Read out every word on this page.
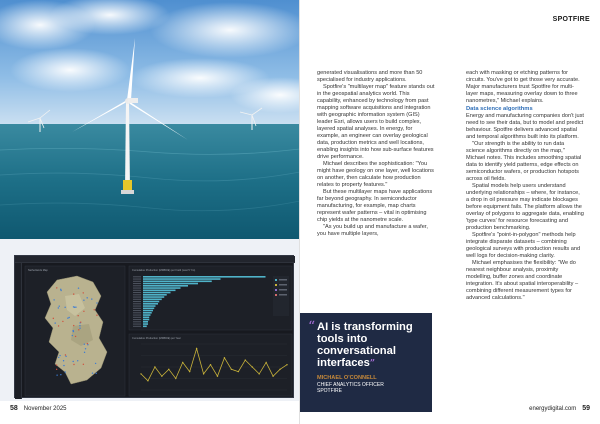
Netherlands Map	Cumulative Production (MMBOE) per Field (Last 5 Yrs)
Cumulative Production (MMBOE) per Year
58 November 2025
SPOTFIRE

generated visualisations and more than 50 specialised for industry applications.

Spotfire's "multilayer map" feature stands out in the geospatial analytics world. This capability, enhanced by technology from past mapping software acquisitions and integration with geographic information system (GIS) leader Esri, allows users to build complex, layered spatial analyses. In energy, for example, an engineer can overlay geological data, production metrics and well locations, enabling insights into how sub-surface features drive performance.

Michael describes the sophistication: "You might have geology on one layer, well locations on another, then calculate how production relates to property features."

But these multilayer maps have applications far beyond geography. In semiconductor manufacturing, for example, map charts represent wafer patterns – vital in optimising chip yields at the nanometre scale.

"As you build up and manufacture a wafer, you have multiple layers,

each with masking or etching patterns for circuits. You've got to get those very accurate. Major manufacturers trust Spotfire for multi-layer maps, measuring overlay down to three nanometres," Michael explains.

Data science algorithms

Energy and manufacturing companies don't just need to see their data, but to model and predict behaviour. Spotfire delivers advanced spatial and temporal algorithms built into its platform.

"Our strength is the ability to run data science algorithms directly on the map," Michael notes. This includes smoothing spatial data to identify yield patterns, edge effects on semiconductor wafers, or production hotspots across oil fields.

Spatial models help users understand underlying relationships – where, for instance, a drop in oil pressure may indicate blockages before equipment fails. The platform allows the overlay of polygons to aggregate data, enabling 'type curves' for resource forecasting and production benchmarking.

Spotfire's "point-in-polygon" methods help integrate disparate datasets – combining geological surveys with production results and well logs for decision-making clarity.

Michael emphasises the flexibility: "We do nearest neighbour analysis, proximity modelling, buffer zones and coordinate integration. It's about spatial interoperability – combining different measurement types for advanced calculations."

“ AI is transforming tools into conversational interfaces”
MICHAEL O'CONNELL
CHIEF ANALYTICS OFFICER
SPOTFIRE
energydigital.com 59
